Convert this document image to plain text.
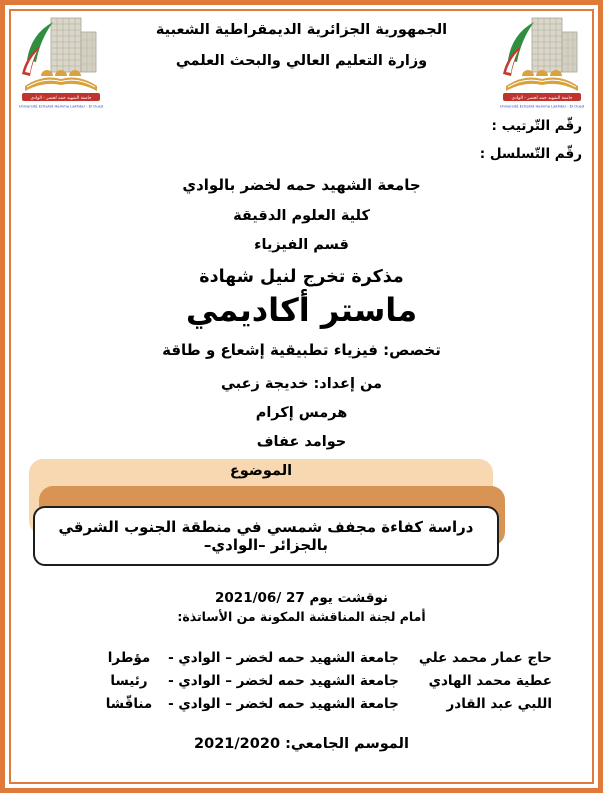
الجمهورية الجزائرية الديمقراطية الشعبية
وزارة التعليم العالي والبحث العلمي
رقّم التّرتيب :
رقّم التّسلسل :
جامعة الشهيد حمه لخضر بالوادي
كلية العلوم الدقيقة
قسم الفيزياء
مذكرة تخرج لنيل شهادة
ماستر أكاديمي
تخصص: فيزياء تطبيقية إشعاع و طاقة
من إعداد: خديجة زعبي
هرمس إكرام
حوامد عفاف
الموضوع
دراسة كفاءة مجفف شمسي في منطقة الجنوب الشرقي بالجزائر –الوادي–
نوقشت يوم 27 /2021/06
أمام لجنة المناقشة المكونة من الأساتذة:
حاج عمار محمد علي
جامعة الشهيد حمه لخضر – الوادي -
مؤطرا
عطية محمد الهادي
جامعة الشهيد حمه لخضر – الوادي -
رئيسا
اللبي عبد القادر
جامعة الشهيد حمه لخضر – الوادي -
مناقّشا
الموسم الجامعي: 2021/2020
